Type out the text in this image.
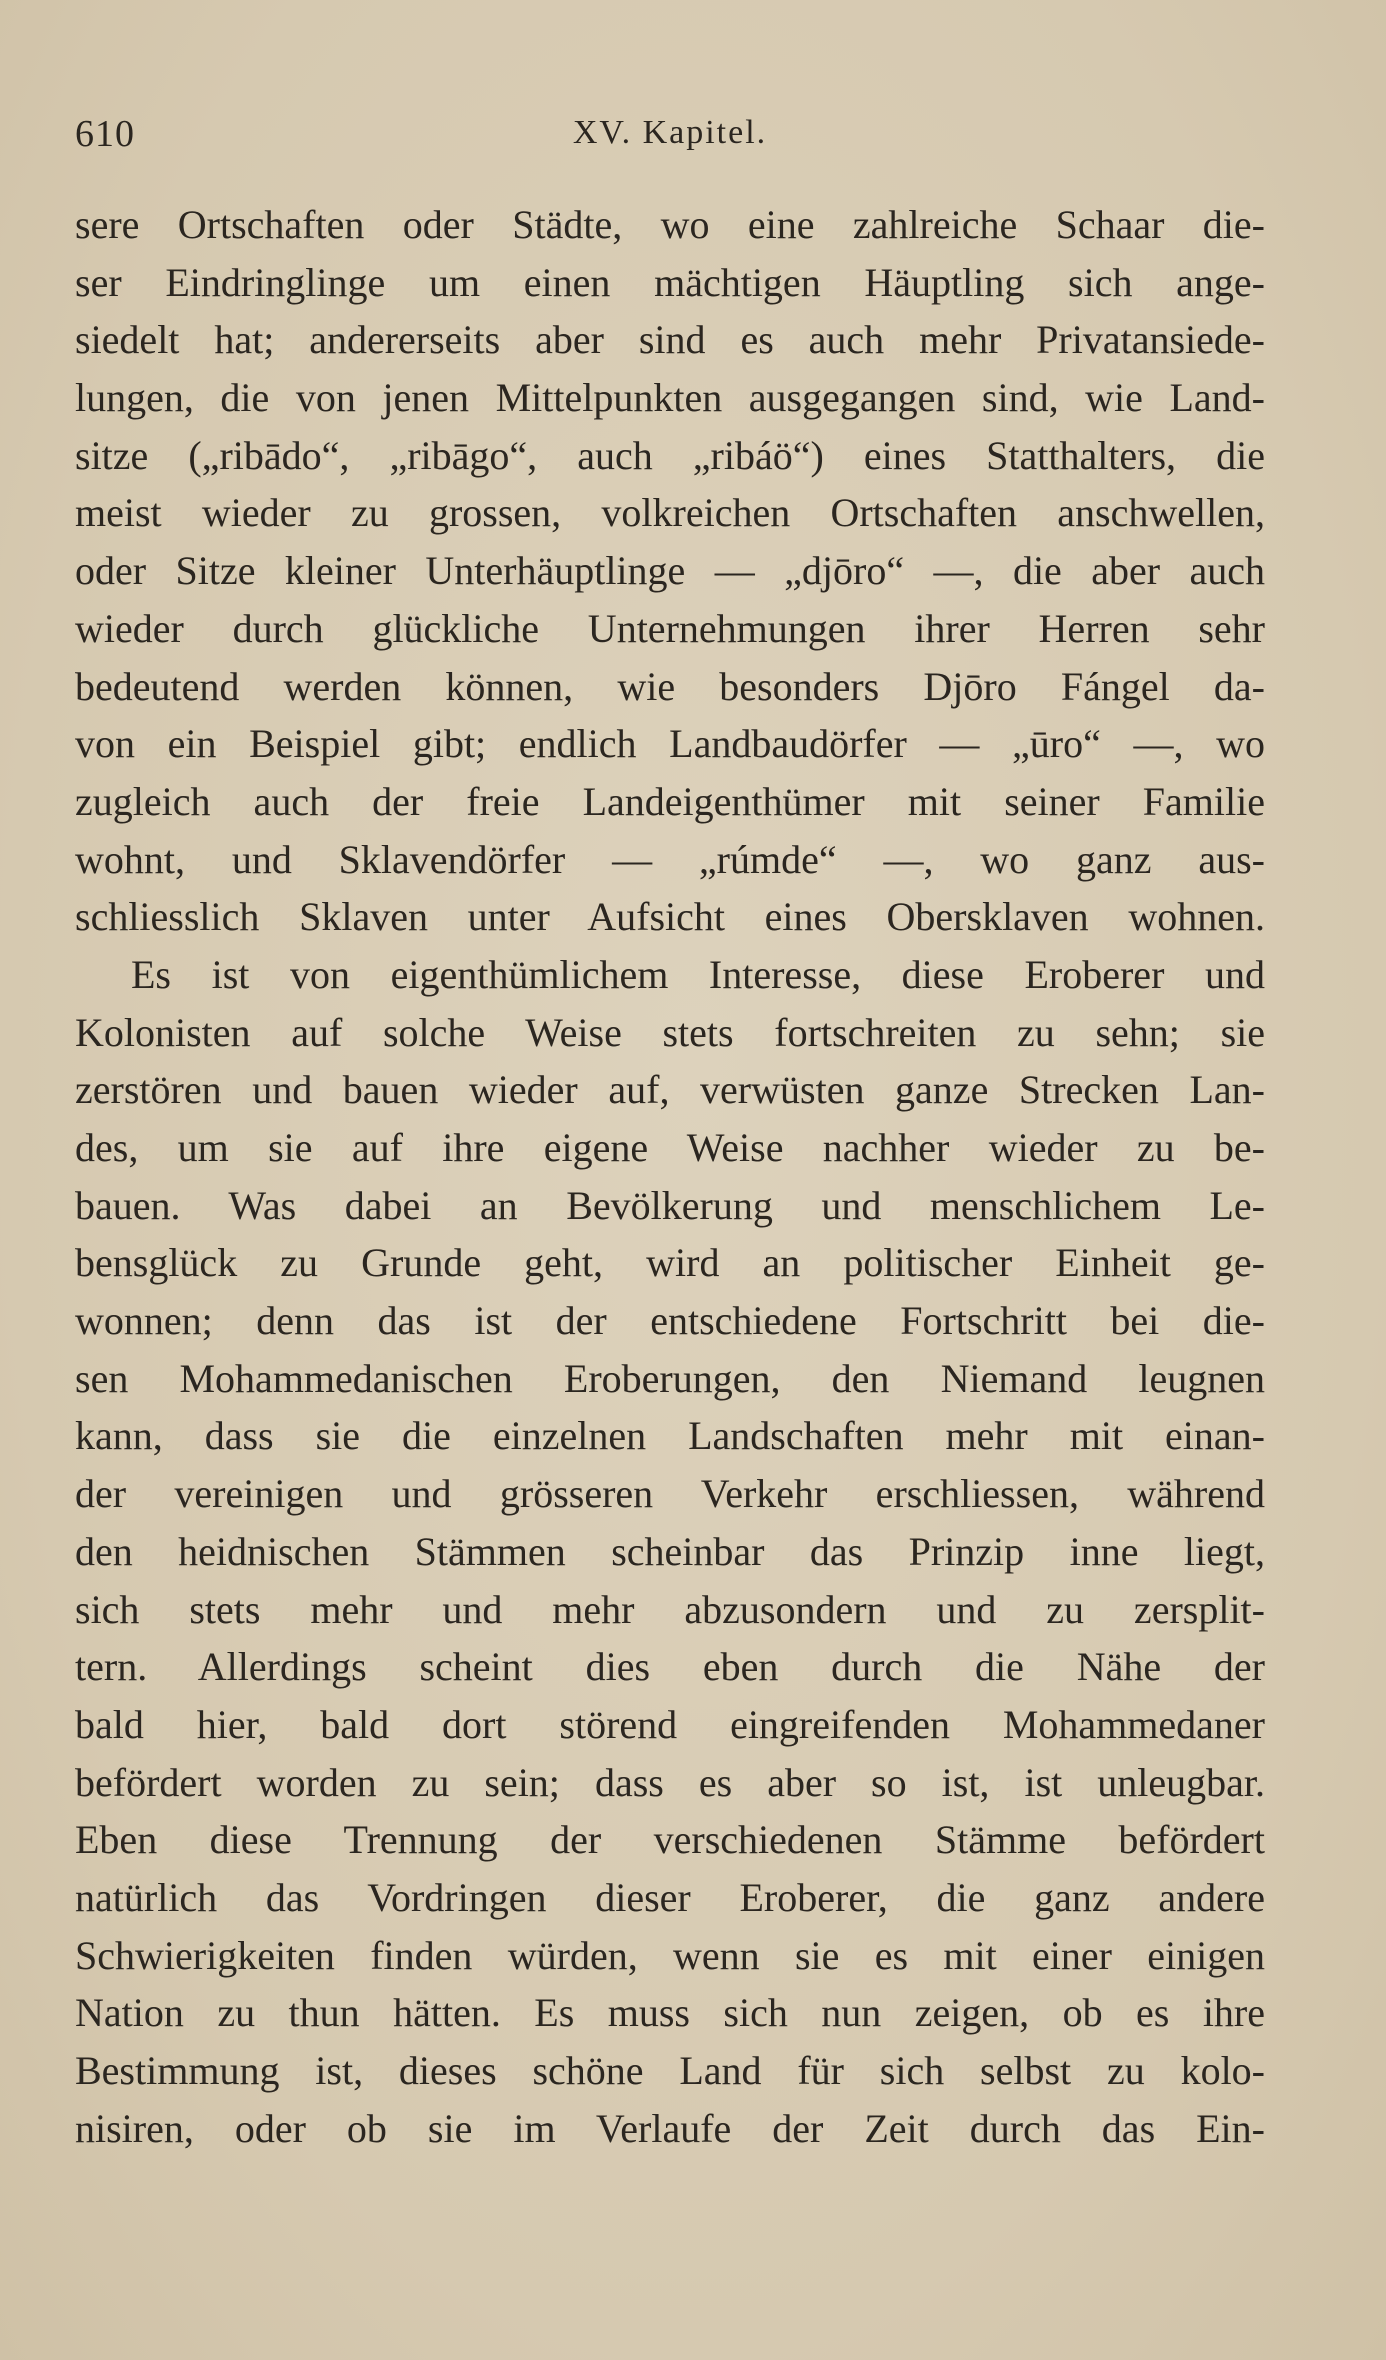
610	XV. Kapitel.
sere Ortschaften oder Städte, wo eine zahlreiche Schaar die-
ser Eindringlinge um einen mächtigen Häuptling sich ange-
siedelt hat; andererseits aber sind es auch mehr Privatansiede-
lungen, die von jenen Mittelpunkten ausgegangen sind, wie Land-
sitze („ribādo“, „ribāgo“, auch „ribáö“) eines Statthalters, die
meist wieder zu grossen, volkreichen Ortschaften anschwellen,
oder Sitze kleiner Unterhäuptlinge — „djōro“ —, die aber auch
wieder durch glückliche Unternehmungen ihrer Herren sehr
bedeutend werden können, wie besonders Djōro Fángel da-
von ein Beispiel gibt; endlich Landbaudörfer — „ūro“ —, wo
zugleich auch der freie Landeigenthümer mit seiner Familie
wohnt, und Sklavendörfer — „rúmde“ —, wo ganz aus-
schliesslich Sklaven unter Aufsicht eines Obersklaven wohnen.
Es ist von eigenthümlichem Interesse, diese Eroberer und
Kolonisten auf solche Weise stets fortschreiten zu sehn; sie
zerstören und bauen wieder auf, verwüsten ganze Strecken Lan-
des, um sie auf ihre eigene Weise nachher wieder zu be-
bauen. Was dabei an Bevölkerung und menschlichem Le-
bensglück zu Grunde geht, wird an politischer Einheit ge-
wonnen; denn das ist der entschiedene Fortschritt bei die-
sen Mohammedanischen Eroberungen, den Niemand leugnen
kann, dass sie die einzelnen Landschaften mehr mit einan-
der vereinigen und grösseren Verkehr erschliessen, während
den heidnischen Stämmen scheinbar das Prinzip inne liegt,
sich stets mehr und mehr abzusondern und zu zersplit-
tern. Allerdings scheint dies eben durch die Nähe der
bald hier, bald dort störend eingreifenden Mohammedaner
befördert worden zu sein; dass es aber so ist, ist unleugbar.
Eben diese Trennung der verschiedenen Stämme befördert
natürlich das Vordringen dieser Eroberer, die ganz andere
Schwierigkeiten finden würden, wenn sie es mit einer einigen
Nation zu thun hätten. Es muss sich nun zeigen, ob es ihre
Bestimmung ist, dieses schöne Land für sich selbst zu kolo-
nisiren, oder ob sie im Verlaufe der Zeit durch das Ein-
